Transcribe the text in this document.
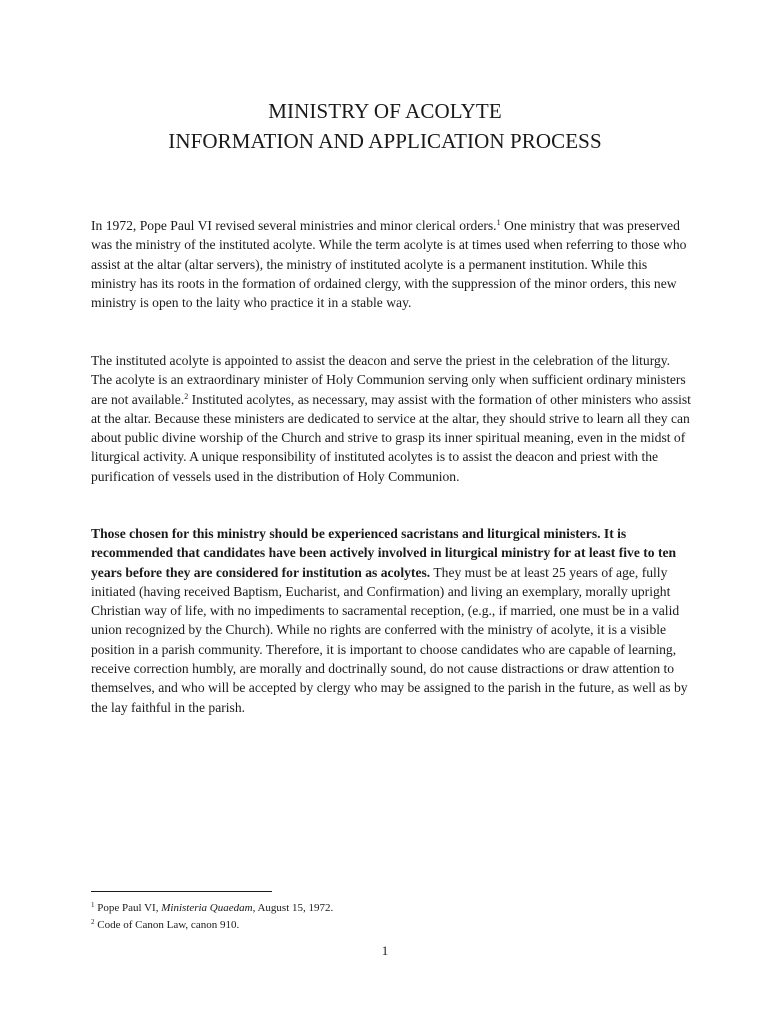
MINISTRY OF ACOLYTE
INFORMATION AND APPLICATION PROCESS

In 1972, Pope Paul VI revised several ministries and minor clerical orders.$^1$ One ministry that was preserved was the ministry of the instituted acolyte. While the term acolyte is at times used when referring to those who assist at the altar (altar servers), the ministry of instituted acolyte is a permanent institution. While this ministry has its roots in the formation of ordained clergy, with the suppression of the minor orders, this new ministry is open to the laity who practice it in a stable way.

The instituted acolyte is appointed to assist the deacon and serve the priest in the celebration of the liturgy. The acolyte is an extraordinary minister of Holy Communion serving only when sufficient ordinary ministers are not available.$^2$ Instituted acolytes, as necessary, may assist with the formation of other ministers who assist at the altar. Because these ministers are dedicated to service at the altar, they should strive to learn all they can about public divine worship of the Church and strive to grasp its inner spiritual meaning, even in the midst of liturgical activity. A unique responsibility of instituted acolytes is to assist the deacon and priest with the purification of vessels used in the distribution of Holy Communion.

Those chosen for this ministry should be experienced sacristans and liturgical ministers. It is recommended that candidates have been actively involved in liturgical ministry for at least five to ten years before they are considered for institution as acolytes. They must be at least 25 years of age, fully initiated (having received Baptism, Eucharist, and Confirmation) and living an exemplary, morally upright Christian way of life, with no impediments to sacramental reception, (e.g., if married, one must be in a valid union recognized by the Church). While no rights are conferred with the ministry of acolyte, it is a visible position in a parish community. Therefore, it is important to choose candidates who are capable of learning, receive correction humbly, are morally and doctrinally sound, do not cause distractions or draw attention to themselves, and who will be accepted by clergy who may be assigned to the parish in the future, as well as by the lay faithful in the parish.

$^1$ Pope Paul VI, Ministeria Quaedam, August 15, 1972.
$^2$ Code of Canon Law, canon 910.
1
